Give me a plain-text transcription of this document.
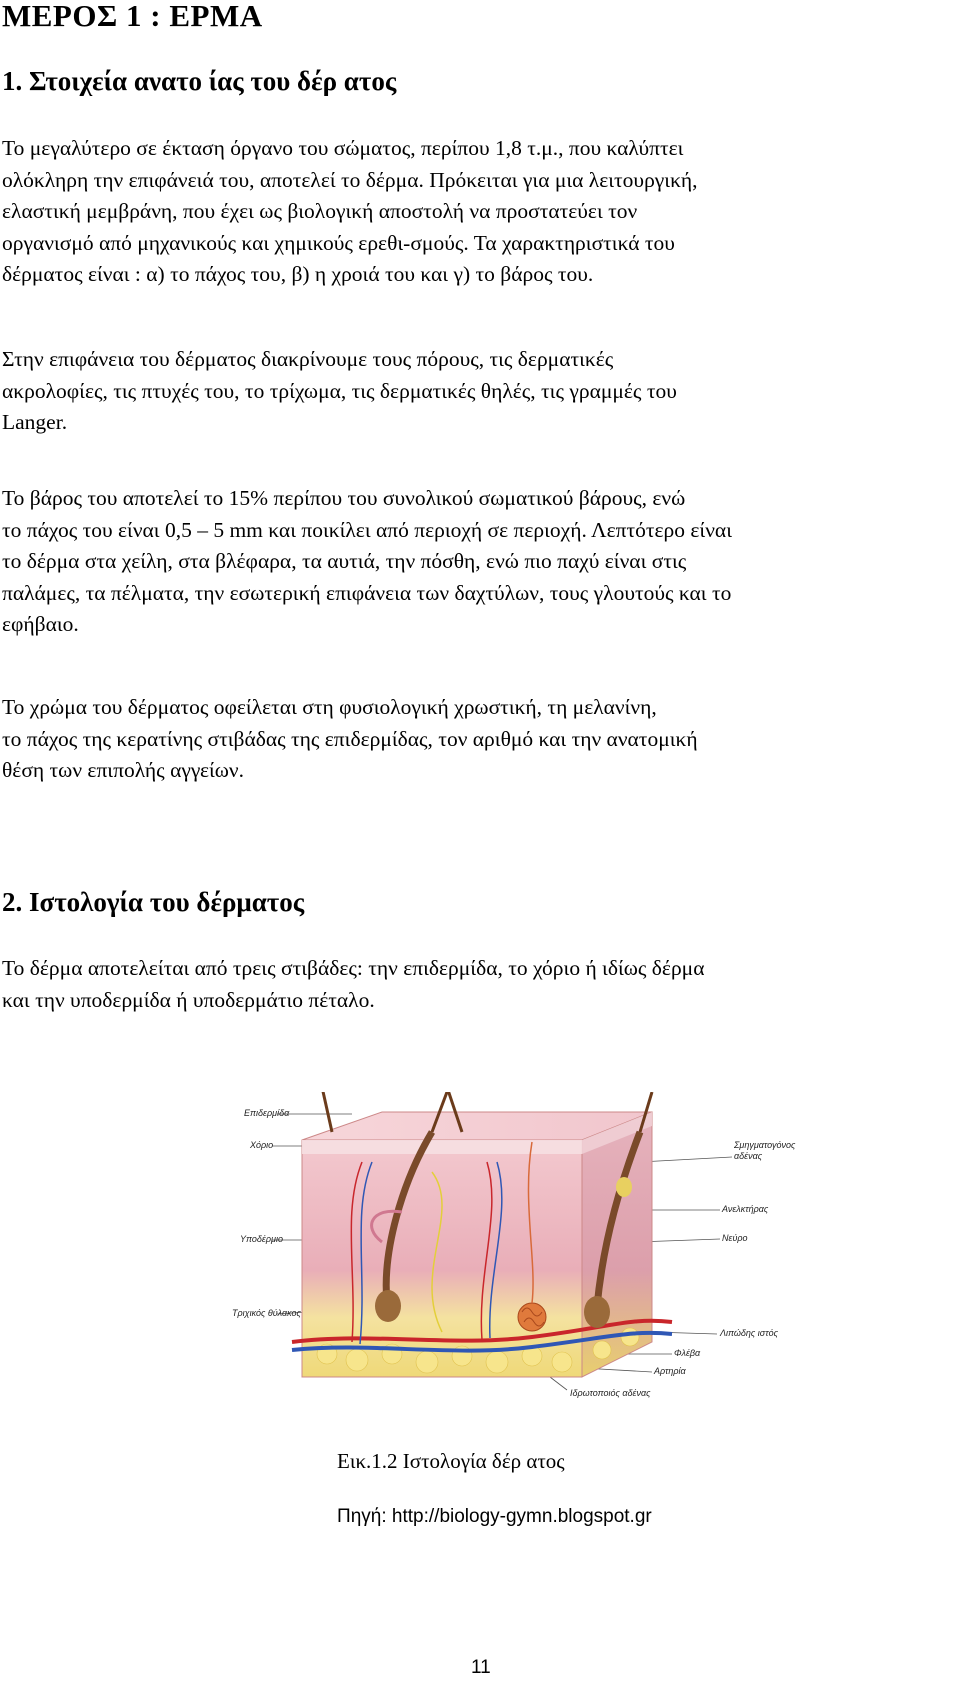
ΜΕΡΟΣ 1 : ΕΡΜΑ
1. Στοιχεία ανατο ίας του δέρ ατος
Το μεγαλύτερο σε έκταση όργανο του σώματος, περίπου 1,8 τ.μ., που καλύπτει
ολόκληρη την επιφάνειά του, αποτελεί το δέρμα. Πρόκειται για μια λειτουργική,
ελαστική μεμβράνη, που έχει ως βιολογική αποστολή να προστατεύει τον
οργανισμό από μηχανικούς και χημικούς ερεθι-σμούς. Τα χαρακτηριστικά του
δέρματος είναι : α) το πάχος του, β) η χροιά του και γ) το βάρος του.
Στην επιφάνεια του δέρματος διακρίνουμε τους πόρους, τις δερματικές
ακρολοφίες, τις πτυχές του, το τρίχωμα, τις δερματικές θηλές, τις γραμμές του
Langer.
Το βάρος του αποτελεί το 15% περίπου του συνολικού σωματικού βάρους, ενώ
το πάχος του είναι 0,5 – 5 mm και ποικίλει από περιοχή σε περιοχή. Λεπτότερο είναι
το δέρμα στα χείλη, στα βλέφαρα, τα αυτιά, την πόσθη, ενώ πιο παχύ είναι στις
παλάμες, τα πέλματα, την εσωτερική επιφάνεια των δαχτύλων, τους γλουτούς και το
εφήβαιο.
Το χρώμα του δέρματος οφείλεται στη φυσιολογική χρωστική, τη μελανίνη,
το πάχος της κερατίνης στιβάδας της επιδερμίδας, τον αριθμό και την ανατομική
θέση των επιπολής αγγείων.
2. Ιστολογία του δέρματος
Το δέρμα αποτελείται από τρεις στιβάδες: την επιδερμίδα, το χόριο ή ιδίως δέρμα
και την υποδερμίδα ή υποδερμάτιο πέταλο.
Επιδερμίδα
Χόριο
Υποδέρμιο
Τριχικός θύλακος
Σμηγματογόνος αδένας
Ανελκτήρας
Νεύρο
Λιπώδης ιστός
Φλέβα
Αρτηρία
Ιδρωτοποιός αδένας
Εικ.1.2 Ιστολογία δέρ ατος
Πηγή: http://biology-gymn.blogspot.gr
11
